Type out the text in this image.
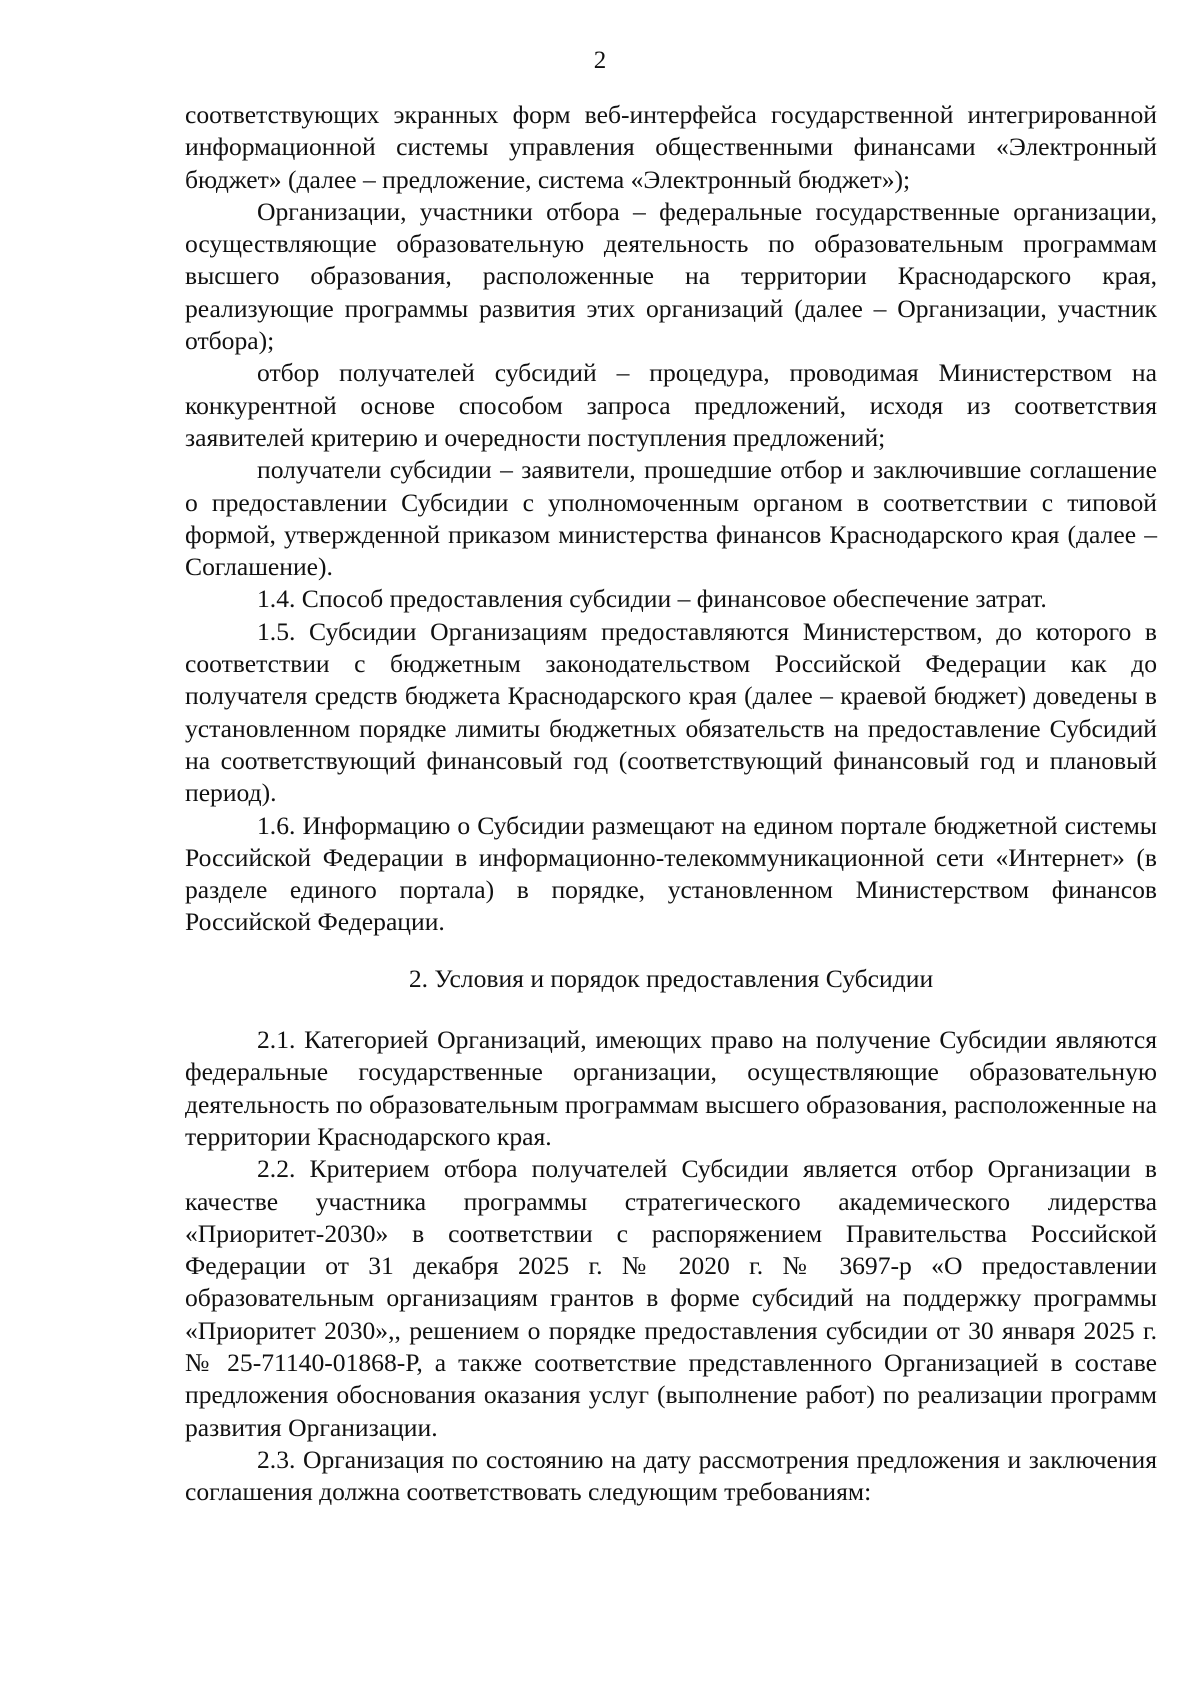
2

соответствующих экранных форм веб-интерфейса государственной интегрированной информационной системы управления общественными финансами «Электронный бюджет» (далее – предложение, система «Электронный бюджет»);

Организации, участники отбора – федеральные государственные организации, осуществляющие образовательную деятельность по образовательным программам высшего образования, расположенные на территории Краснодарского края, реализующие программы развития этих организаций (далее – Организации, участник отбора);

отбор получателей субсидий – процедура, проводимая Министерством на конкурентной основе способом запроса предложений, исходя из соответствия заявителей критерию и очередности поступления предложений;

получатели субсидии – заявители, прошедшие отбор и заключившие соглашение о предоставлении Субсидии с уполномоченным органом в соответствии с типовой формой, утвержденной приказом министерства финансов Краснодарского края (далее – Соглашение).

1.4. Способ предоставления субсидии – финансовое обеспечение затрат.

1.5. Субсидии Организациям предоставляются Министерством, до которого в соответствии с бюджетным законодательством Российской Федерации как до получателя средств бюджета Краснодарского края (далее – краевой бюджет) доведены в установленном порядке лимиты бюджетных обязательств на предоставление Субсидий на соответствующий финансовый год (соответствующий финансовый год и плановый период).

1.6. Информацию о Субсидии размещают на едином портале бюджетной системы Российской Федерации в информационно-телекоммуникационной сети «Интернет» (в разделе единого портала) в порядке, установленном Министерством финансов Российской Федерации.

2. Условия и порядок предоставления Субсидии

2.1. Категорией Организаций, имеющих право на получение Субсидии являются федеральные государственные организации, осуществляющие образовательную деятельность по образовательным программам высшего образования, расположенные на территории Краснодарского края.

2.2. Критерием отбора получателей Субсидии является отбор Организации в качестве участника программы стратегического академического лидерства «Приоритет-2030» в соответствии с распоряжением Правительства Российской Федерации от 31 декабря 2025 г. № 2020 г. № 3697-р «О предоставлении образовательным организациям грантов в форме субсидий на поддержку программы «Приоритет 2030»,, решением о порядке предоставления субсидии от 30 января 2025 г. № 25-71140-01868-Р, а также соответствие представленного Организацией в составе предложения обоснования оказания услуг (выполнение работ) по реализации программ развития Организации.

2.3. Организация по состоянию на дату рассмотрения предложения и заключения соглашения должна соответствовать следующим требованиям:
